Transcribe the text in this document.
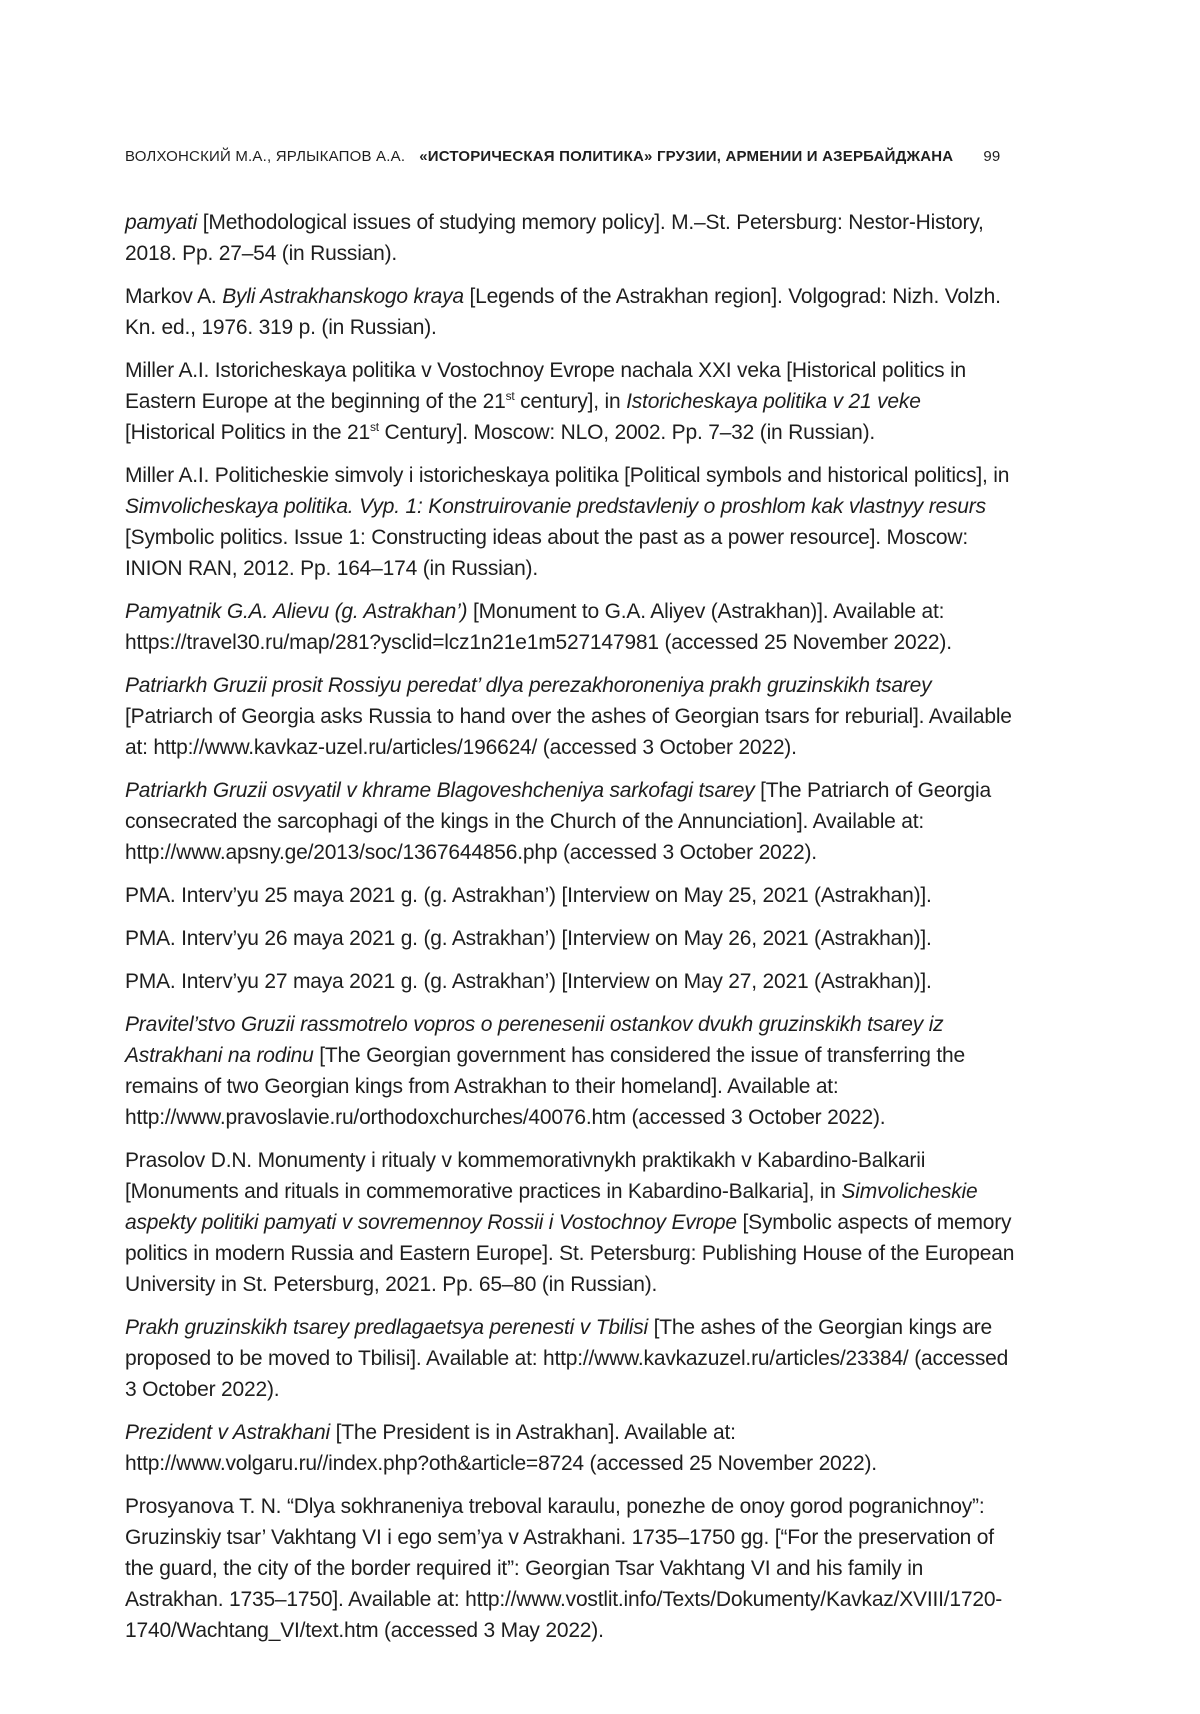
ВОЛХОНСКИЙ М.А., ЯРЛЫКАПОВ А.А. «ИСТОРИЧЕСКАЯ ПОЛИТИКА» ГРУЗИИ, АРМЕНИИ И АЗЕРБАЙДЖАНА 99

pamyati [Methodological issues of studying memory policy]. M.–St. Petersburg: Nestor-History, 2018. Pp. 27–54 (in Russian).

Markov A. Byli Astrakhanskogo kraya [Legends of the Astrakhan region]. Volgograd: Nizh. Volzh. Kn. ed., 1976. 319 p. (in Russian).

Miller A.I. Istoricheskaya politika v Vostochnoy Evrope nachala XXI veka [Historical politics in Eastern Europe at the beginning of the 21st century], in Istoricheskaya politika v 21 veke [Historical Politics in the 21st Century]. Moscow: NLO, 2002. Pp. 7–32 (in Russian).

Miller A.I. Politicheskie simvoly i istoricheskaya politika [Political symbols and historical politics], in Simvolicheskaya politika. Vyp. 1: Konstruirovanie predstavleniy o proshlom kak vlastnyy resurs [Symbolic politics. Issue 1: Constructing ideas about the past as a power resource]. Moscow: INION RAN, 2012. Pp. 164–174 (in Russian).

Pamyatnik G.A. Alievu (g. Astrakhan’) [Monument to G.A. Aliyev (Astrakhan)]. Available at: https://travel30.ru/map/281?ysclid=lcz1n21e1m527147981 (accessed 25 November 2022).

Patriarkh Gruzii prosit Rossiyu peredat’ dlya perezakhoroneniya prakh gruzinskikh tsarey [Patriarch of Georgia asks Russia to hand over the ashes of Georgian tsars for reburial]. Available at: http://www.kavkaz-uzel.ru/articles/196624/ (accessed 3 October 2022).

Patriarkh Gruzii osvyatil v khrame Blagoveshcheniya sarkofagi tsarey [The Patriarch of Georgia consecrated the sarcophagi of the kings in the Church of the Annunciation]. Available at: http://www.apsny.ge/2013/soc/1367644856.php (accessed 3 October 2022).

PMA. Interv’yu 25 maya 2021 g. (g. Astrakhan’) [Interview on May 25, 2021 (Astrakhan)].

PMA. Interv’yu 26 maya 2021 g. (g. Astrakhan’) [Interview on May 26, 2021 (Astrakhan)].

PMA. Interv’yu 27 maya 2021 g. (g. Astrakhan’) [Interview on May 27, 2021 (Astrakhan)].

Pravitel’stvo Gruzii rassmotrelo vopros o perenesenii ostankov dvukh gruzinskikh tsarey iz Astrakhani na rodinu [The Georgian government has considered the issue of transferring the remains of two Georgian kings from Astrakhan to their homeland]. Available at: http://www.pravoslavie.ru/orthodoxchurches/40076.htm (accessed 3 October 2022).

Prasolov D.N. Monumenty i ritualy v kommemorativnykh praktikakh v Kabardino-Balkarii [Monuments and rituals in commemorative practices in Kabardino-Balkaria], in Simvolicheskie aspekty politiki pamyati v sovremennoy Rossii i Vostochnoy Evrope [Symbolic aspects of memory politics in modern Russia and Eastern Europe]. St. Petersburg: Publishing House of the European University in St. Petersburg, 2021. Pp. 65–80 (in Russian).

Prakh gruzinskikh tsarey predlagaetsya perenesti v Tbilisi [The ashes of the Georgian kings are proposed to be moved to Tbilisi]. Available at: http://www.kavkazuzel.ru/articles/23384/ (accessed 3 October 2022).

Prezident v Astrakhani [The President is in Astrakhan]. Available at: http://www.volgaru.ru//index.php?oth&article=8724 (accessed 25 November 2022).

Prosyanova T. N. “Dlya sokhraneniya treboval karaulu, ponezhe de onoy gorod pogranichnoy”: Gruzinskiy tsar’ Vakhtang VI i ego sem’ya v Astrakhani. 1735–1750 gg. [“For the preservation of the guard, the city of the border required it”: Georgian Tsar Vakhtang VI and his family in Astrakhan. 1735–1750]. Available at: http://www.vostlit.info/Texts/Dokumenty/Kavkaz/XVIII/1720-1740/Wachtang_VI/text.htm (accessed 3 May 2022).
